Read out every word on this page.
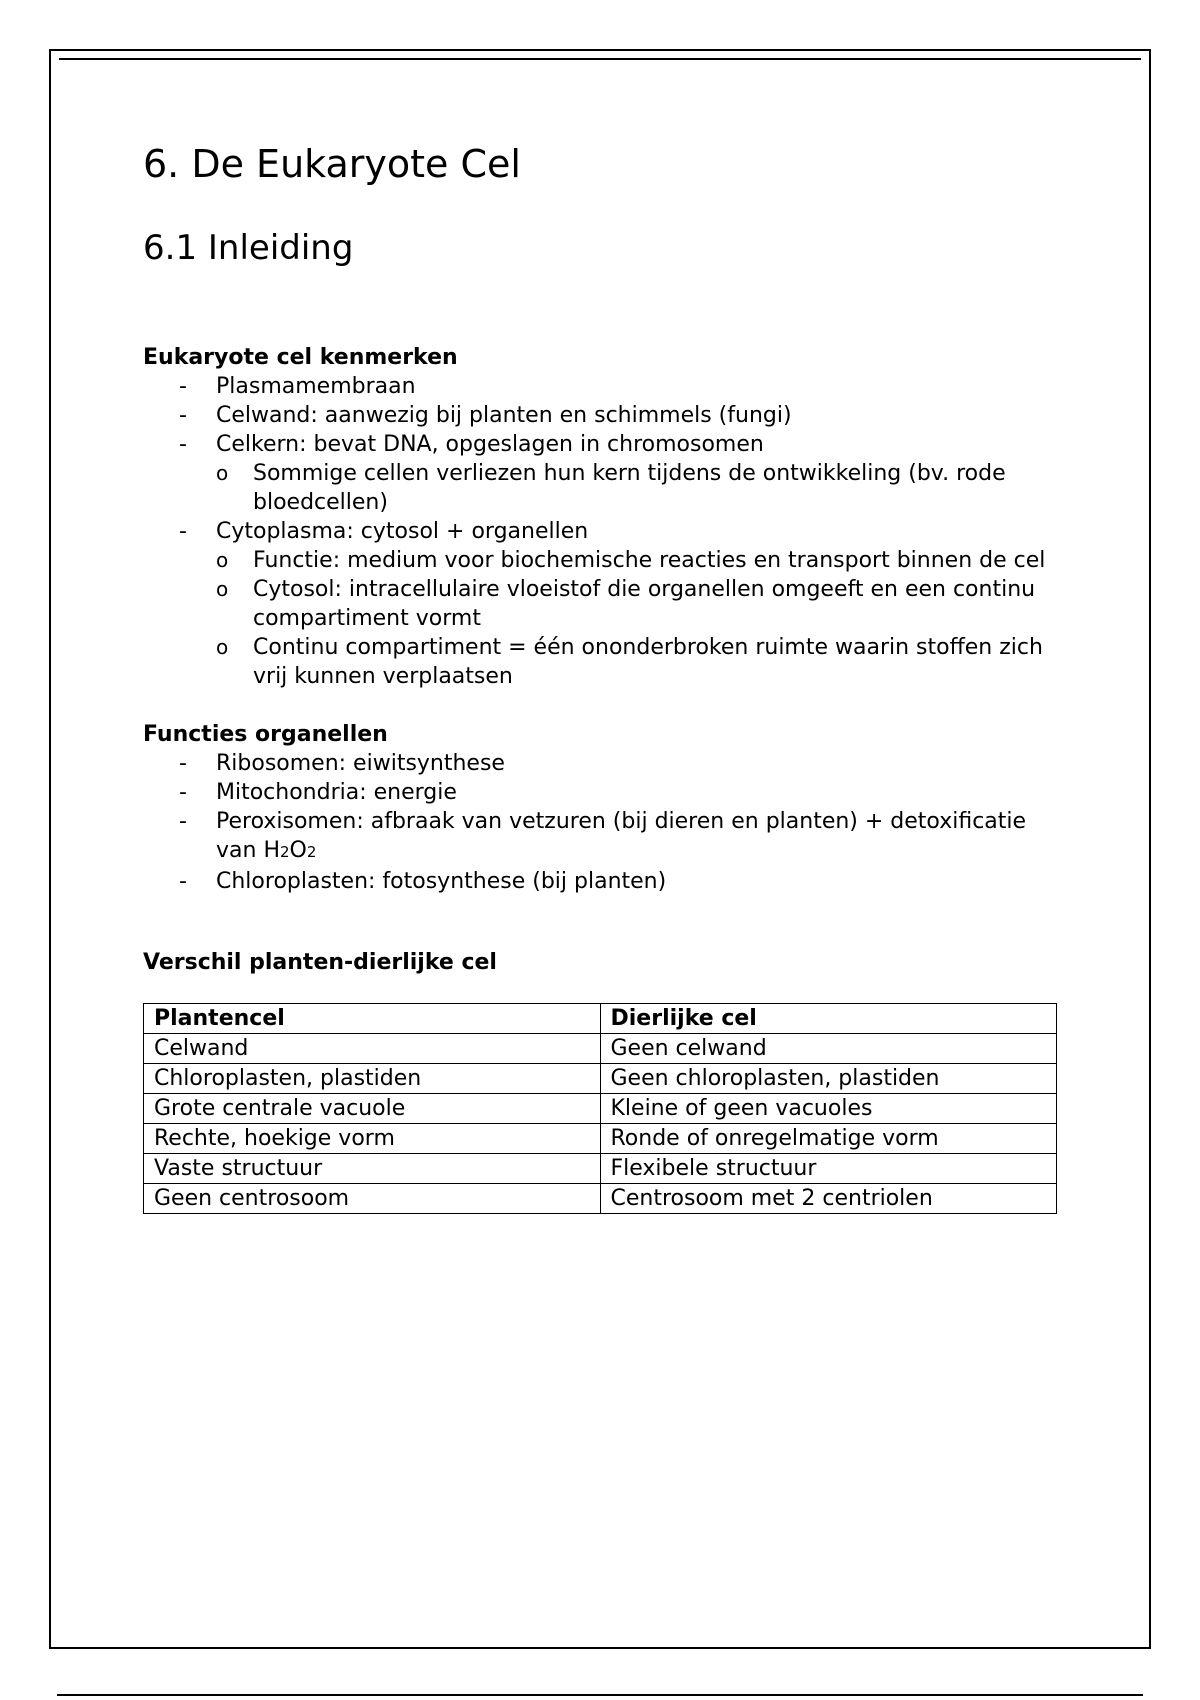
6. De Eukaryote Cel
6.1 Inleiding

Eukaryote cel kenmerken

- Plasmamembraan
- Celwand: aanwezig bij planten en schimmels (fungi)
- Celkern: bevat DNA, opgeslagen in chromosomen
o Sommige cellen verliezen hun kern tijdens de ontwikkeling (bv. rode bloedcellen)
- Cytoplasma: cytosol + organellen
o Functie: medium voor biochemische reacties en transport binnen de cel
o Cytosol: intracellulaire vloeistof die organellen omgeeft en een continu compartiment vormt
o Continu compartiment = één ononderbroken ruimte waarin stoffen zich vrij kunnen verplaatsen

Functies organellen

- Ribosomen: eiwitsynthese
- Mitochondria: energie
- Peroxisomen: afbraak van vetzuren (bij dieren en planten) + detoxificatie van H2O2
- Chloroplasten: fotosynthese (bij planten)

Verschil planten-dierlijke cel

Plantencel	Dierlijke cel
Celwand	Geen celwand
Chloroplasten, plastiden	Geen chloroplasten, plastiden
Grote centrale vacuole	Kleine of geen vacuoles
Rechte, hoekige vorm	Ronde of onregelmatige vorm
Vaste structuur	Flexibele structuur
Geen centrosoom	Centrosoom met 2 centriolen
